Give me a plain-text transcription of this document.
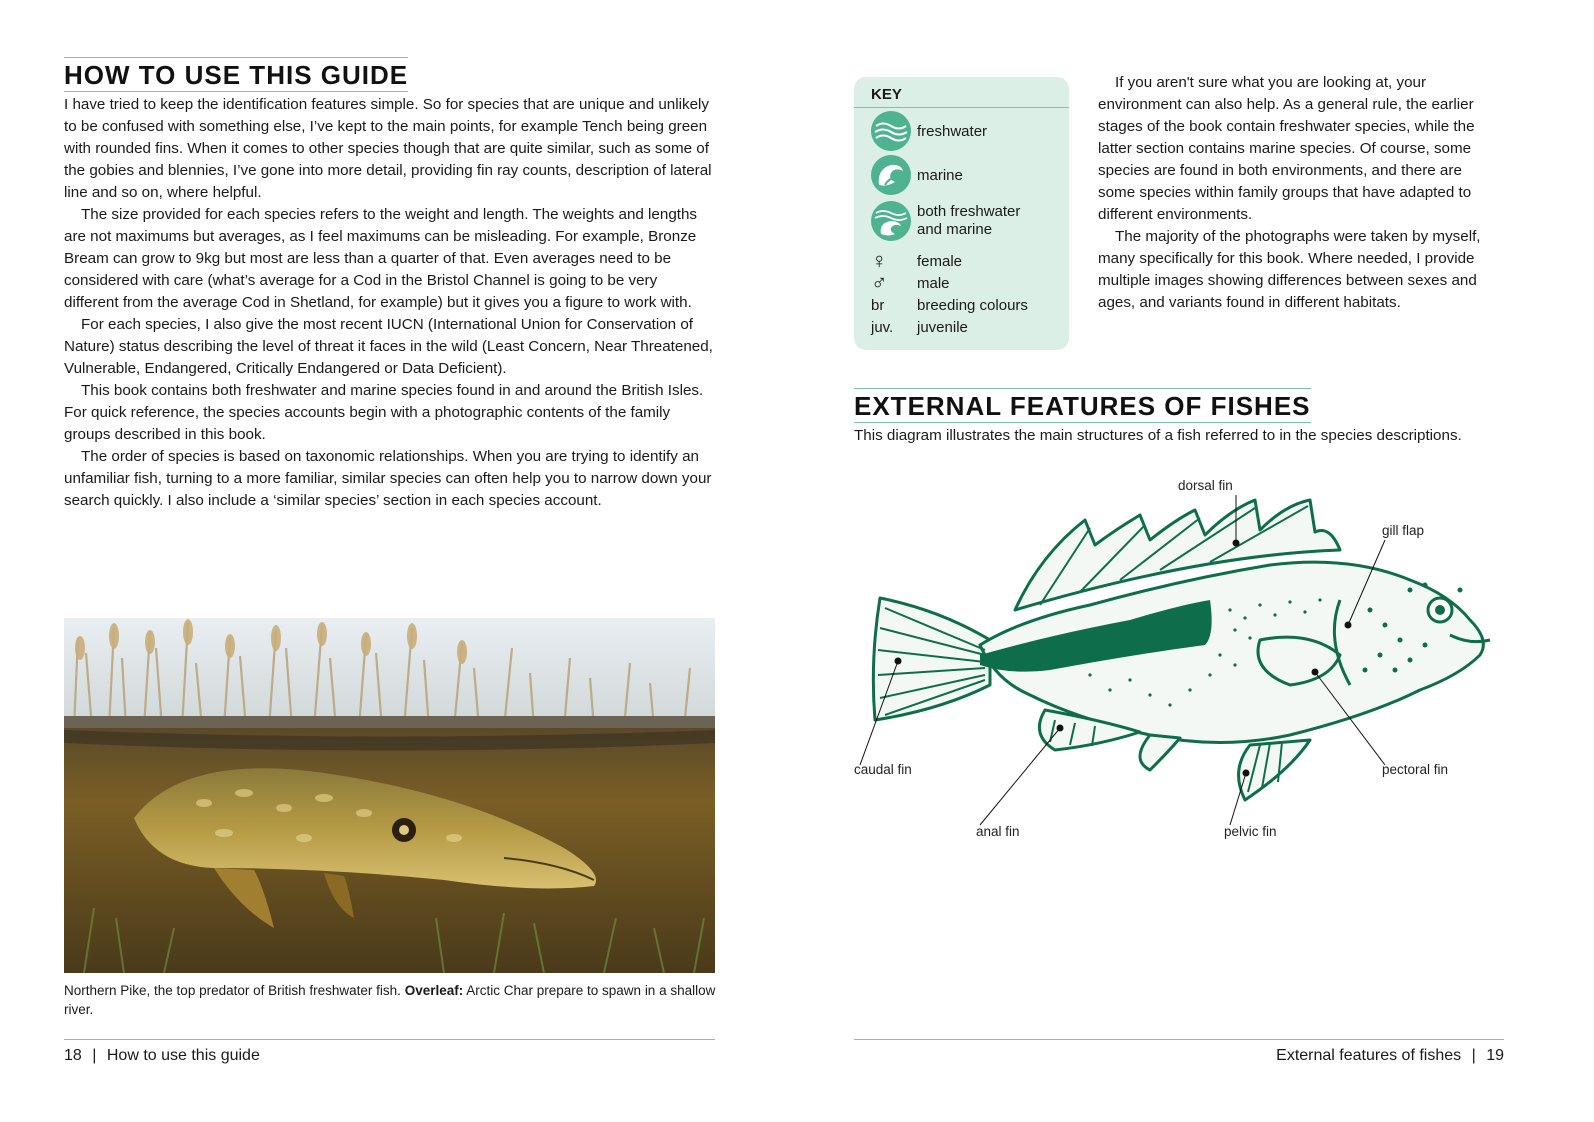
HOW TO USE THIS GUIDE

I have tried to keep the identification features simple. So for species that are unique and unlikely to be confused with something else, I’ve kept to the main points, for example Tench being green with rounded fins. When it comes to other species though that are quite similar, such as some of the gobies and blennies, I’ve gone into more detail, providing fin ray counts, description of lateral line and so on, where helpful.

The size provided for each species refers to the weight and length. The weights and lengths are not maximums but averages, as I feel maximums can be misleading. For example, Bronze Bream can grow to 9kg but most are less than a quarter of that. Even averages need to be considered with care (what’s average for a Cod in the Bristol Channel is going to be very different from the average Cod in Shetland, for example) but it gives you a figure to work with.

For each species, I also give the most recent IUCN (International Union for Conservation of Nature) status describing the level of threat it faces in the wild (Least Concern, Near Threatened, Vulnerable, Endangered, Critically Endangered or Data Deficient).

This book contains both freshwater and marine species found in and around the British Isles. For quick reference, the species accounts begin with a photographic contents of the family groups described in this book.

The order of species is based on taxonomic relationships. When you are trying to identify an unfamiliar fish, turning to a more familiar, similar species can often help you to narrow down your search quickly. I also include a ‘similar species’ section in each species account.

Northern Pike, the top predator of British freshwater fish. Overleaf: Arctic Char prepare to spawn in a shallow river.
18 | How to use this guide
KEY
freshwater
marine
both freshwater
and marine
♀	female
♂	male
br	breeding colours
juv.	juvenile

If you aren't sure what you are looking at, your environment can also help. As a general rule, the earlier stages of the book contain freshwater species, while the latter section contains marine species. Of course, some species are found in both environments, and there are some species within family groups that have adapted to different environments.

The majority of the photographs were taken by myself, many specifically for this book. Where needed, I provide multiple images showing differences between sexes and ages, and variants found in different habitats.

EXTERNAL FEATURES OF FISHES
This diagram illustrates the main structures of a fish referred to in the species descriptions.
dorsal fin
gill flap
caudal fin	pectoral fin
anal fin	pelvic fin
External features of fishes | 19
